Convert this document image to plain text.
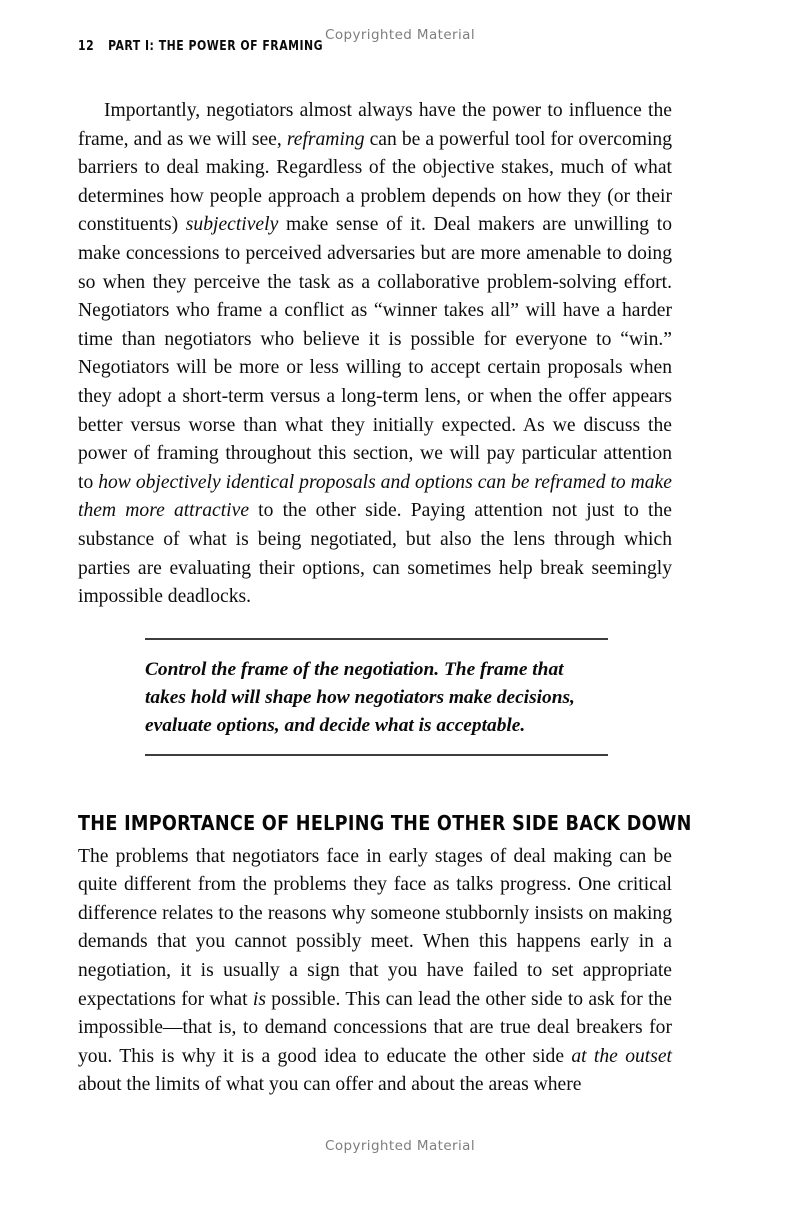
Copyrighted Material
12 PART I: THE POWER OF FRAMING

Importantly, negotiators almost always have the power to influence the frame, and as we will see, reframing can be a powerful tool for overcoming barriers to deal making. Regardless of the objective stakes, much of what determines how people approach a problem depends on how they (or their constituents) subjectively make sense of it. Deal makers are unwilling to make concessions to perceived adversaries but are more amenable to doing so when they perceive the task as a collaborative problem-solving effort. Negotiators who frame a conflict as “winner takes all” will have a harder time than negotiators who believe it is possible for everyone to “win.” Negotiators will be more or less willing to accept certain proposals when they adopt a short-term versus a long-term lens, or when the offer appears better versus worse than what they initially expected. As we discuss the power of framing throughout this section, we will pay particular attention to how objectively identical proposals and options can be reframed to make them more attractive to the other side. Paying attention not just to the substance of what is being negotiated, but also the lens through which parties are evaluating their options, can sometimes help break seemingly impossible deadlocks.

Control the frame of the negotiation. The frame that takes hold will shape how negotiators make decisions, evaluate options, and decide what is acceptable.

THE IMPORTANCE OF HELPING THE OTHER SIDE BACK DOWN

The problems that negotiators face in early stages of deal making can be quite different from the problems they face as talks progress. One critical difference relates to the reasons why someone stubbornly insists on making demands that you cannot possibly meet. When this happens early in a negotiation, it is usually a sign that you have failed to set appropriate expectations for what is possible. This can lead the other side to ask for the impossible—that is, to demand concessions that are true deal breakers for you. This is why it is a good idea to educate the other side at the outset about the limits of what you can offer and about the areas where

Copyrighted Material
